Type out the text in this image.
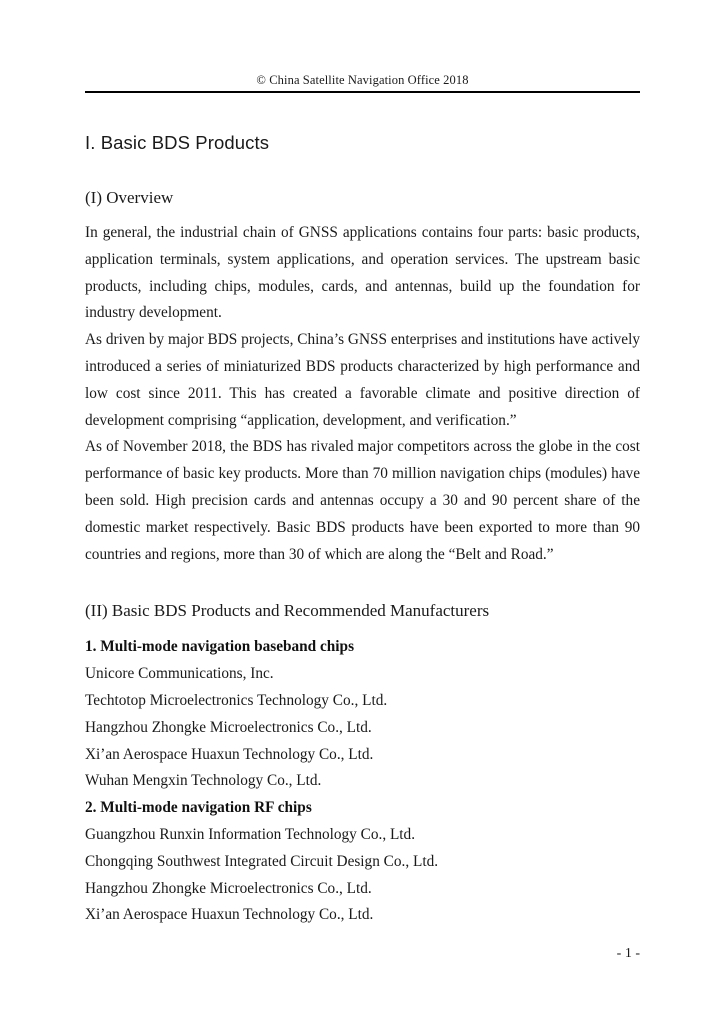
© China Satellite Navigation Office 2018
I. Basic BDS Products
(I) Overview

In general, the industrial chain of GNSS applications contains four parts: basic products, application terminals, system applications, and operation services. The upstream basic products, including chips, modules, cards, and antennas, build up the foundation for industry development.

As driven by major BDS projects, China’s GNSS enterprises and institutions have actively introduced a series of miniaturized BDS products characterized by high performance and low cost since 2011. This has created a favorable climate and positive direction of development comprising “application, development, and verification.”

As of November 2018, the BDS has rivaled major competitors across the globe in the cost performance of basic key products. More than 70 million navigation chips (modules) have been sold. High precision cards and antennas occupy a 30 and 90 percent share of the domestic market respectively. Basic BDS products have been exported to more than 90 countries and regions, more than 30 of which are along the “Belt and Road.”

(II) Basic BDS Products and Recommended Manufacturers

1. Multi-mode navigation baseband chips

Unicore Communications, Inc.

Techtotop Microelectronics Technology Co., Ltd.

Hangzhou Zhongke Microelectronics Co., Ltd.

Xi’an Aerospace Huaxun Technology Co., Ltd.

Wuhan Mengxin Technology Co., Ltd.

2. Multi-mode navigation RF chips

Guangzhou Runxin Information Technology Co., Ltd.

Chongqing Southwest Integrated Circuit Design Co., Ltd.

Hangzhou Zhongke Microelectronics Co., Ltd.

Xi’an Aerospace Huaxun Technology Co., Ltd.

- 1 -
